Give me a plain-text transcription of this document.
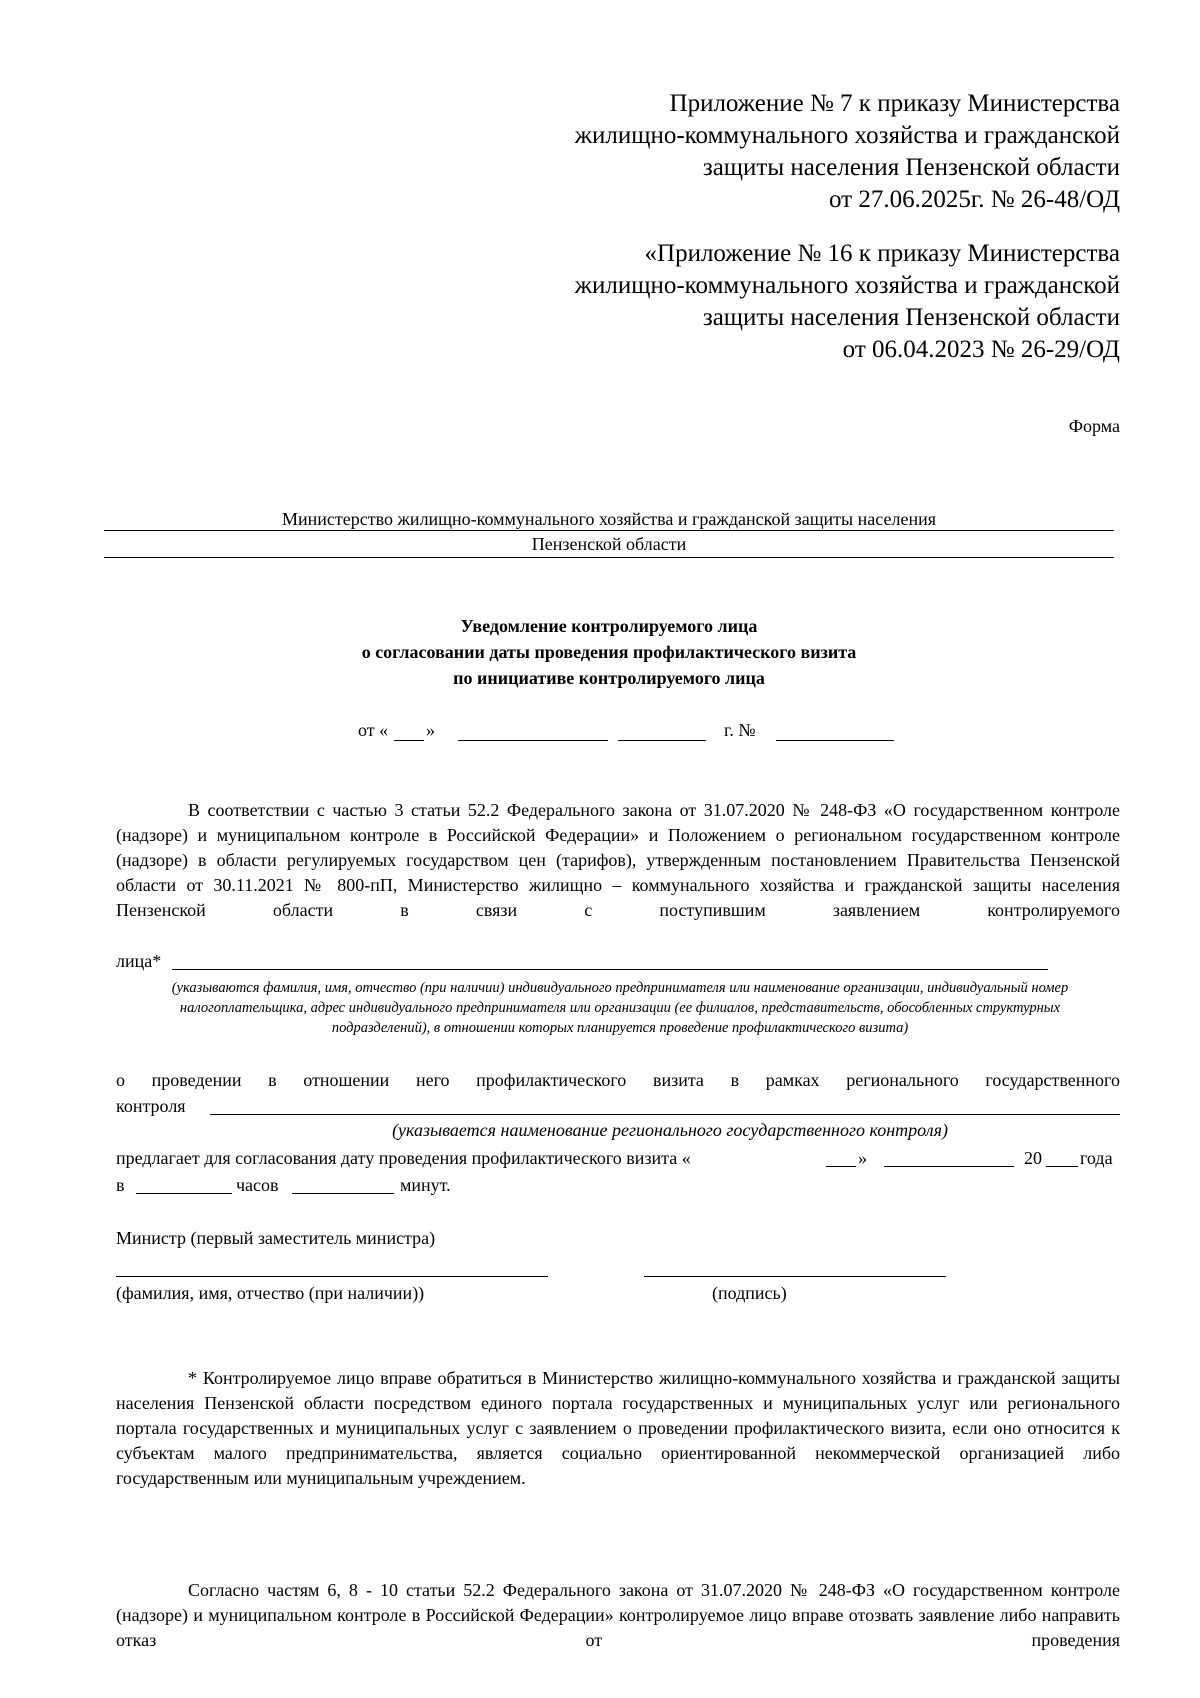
Приложение № 7 к приказу Министерства
жилищно-коммунального хозяйства и гражданской
защиты населения Пензенской области
от 27.06.2025г. № 26-48/ОД
«Приложение № 16 к приказу Министерства
жилищно-коммунального хозяйства и гражданской
защиты населения Пензенской области
от 06.04.2023 № 26-29/ОД
Форма
Министерство жилищно-коммунального хозяйства и гражданской защиты населения
Пензенской области
Уведомление контролируемого лица
о согласовании даты проведения профилактического визита
по инициативе контролируемого лица
от « »	г. №
В соответствии с частью 3 статьи 52.2 Федерального закона от 31.07.2020 № 248-ФЗ «О государственном контроле (надзоре) и муниципальном контроле в Российской Федерации» и Положением о региональном государственном контроле (надзоре) в области регулируемых государством цен (тарифов), утвержденным постановлением Правительства Пензенской области от 30.11.2021 № 800-пП, Министерство жилищно – коммунального хозяйства и гражданской защиты населения Пензенской области в связи с поступившим заявлением контролируемого
лица*
(указываются фамилия, имя, отчество (при наличии) индивидуального предпринимателя или наименование организации, индивидуальный номер налогоплательщика, адрес индивидуального предпринимателя или организации (ее филиалов, представительств, обособленных структурных подразделений), в отношении которых планируется проведение профилактического визита)
о проведении в отношении него профилактического визита в рамках регионального государственного
контроля
(указывается наименование регионального государственного контроля)
предлагает для согласования дату проведения профилактического визита «	»	20 года
в	часов	минут.
Министр (первый заместитель министра)
(фамилия, имя, отчество (при наличии))	(подпись)
* Контролируемое лицо вправе обратиться в Министерство жилищно-коммунального хозяйства и гражданской защиты населения Пензенской области посредством единого портала государственных и муниципальных услуг или регионального портала государственных и муниципальных услуг с заявлением о проведении профилактического визита, если оно относится к субъектам малого предпринимательства, является социально ориентированной некоммерческой организацией либо государственным или муниципальным учреждением.
Согласно частям 6, 8 - 10 статьи 52.2 Федерального закона от 31.07.2020 № 248-ФЗ «О государственном контроле (надзоре) и муниципальном контроле в Российской Федерации» контролируемое лицо вправе отозвать заявление либо направить отказ от проведения
